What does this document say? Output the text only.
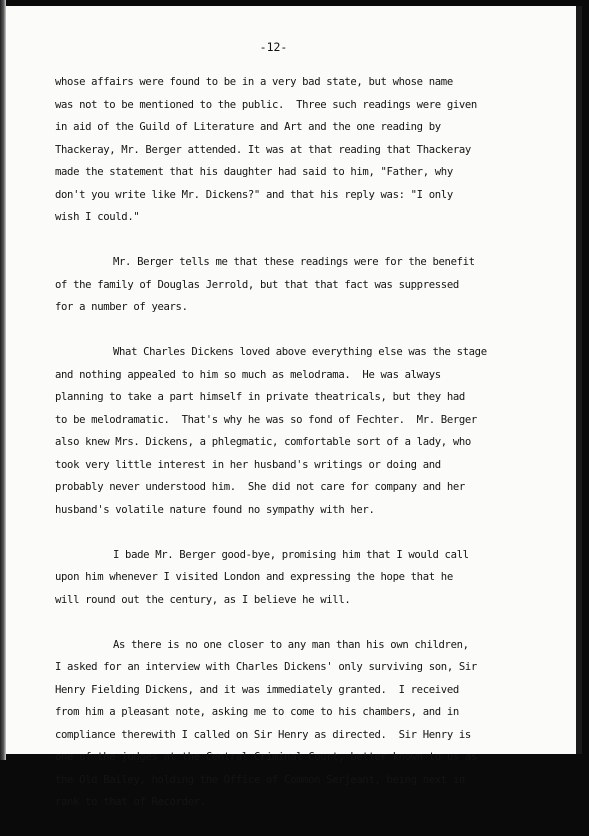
-12-
whose affairs were found to be in a very bad state, but whose name
was not to be mentioned to the public.  Three such readings were given
in aid of the Guild of Literature and Art and the one reading by
Thackeray, Mr. Berger attended. It was at that reading that Thackeray
made the statement that his daughter had said to him, "Father, why
don't you write like Mr. Dickens?" and that his reply was: "I only
wish I could."
Mr. Berger tells me that these readings were for the benefit
of the family of Douglas Jerrold, but that that fact was suppressed
for a number of years.
What Charles Dickens loved above everything else was the stage
and nothing appealed to him so much as melodrama.  He was always
planning to take a part himself in private theatricals, but they had
to be melodramatic.  That's why he was so fond of Fechter.  Mr. Berger
also knew Mrs. Dickens, a phlegmatic, comfortable sort of a lady, who
took very little interest in her husband's writings or doing and
probably never understood him.  She did not care for company and her
husband's volatile nature found no sympathy with her.
I bade Mr. Berger good-bye, promising him that I would call
upon him whenever I visited London and expressing the hope that he
will round out the century, as I believe he will.
As there is no one closer to any man than his own children,
I asked for an interview with Charles Dickens' only surviving son, Sir
Henry Fielding Dickens, and it was immediately granted.  I received
from him a pleasant note, asking me to come to his chambers, and in
compliance therewith I called on Sir Henry as directed.  Sir Henry is
one of the judges at the Central Criminal Court, better known to us as
the Old Bailey, holding the Office of Common Serjeant, being next in
rank to that of Recorder.
